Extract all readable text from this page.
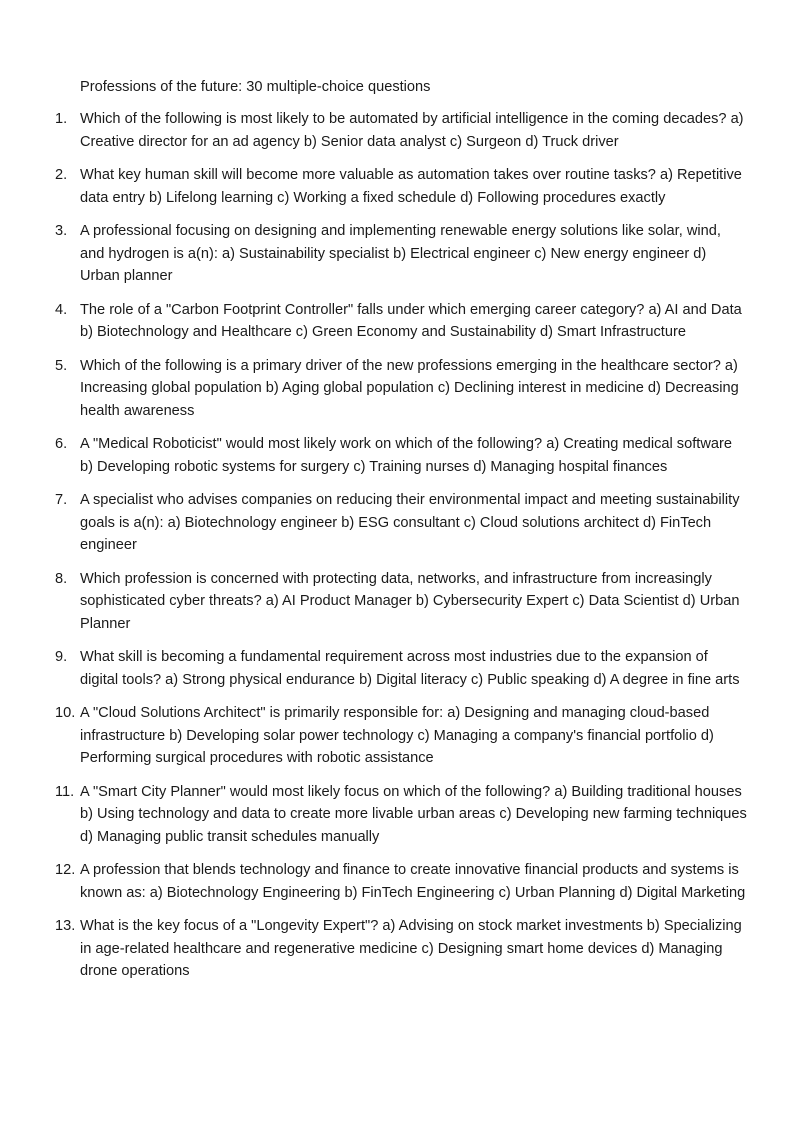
Professions of the future: 30 multiple-choice questions

1. Which of the following is most likely to be automated by artificial intelligence in the coming decades? a) Creative director for an ad agency b) Senior data analyst c) Surgeon d) Truck driver
2. What key human skill will become more valuable as automation takes over routine tasks? a) Repetitive data entry b) Lifelong learning c) Working a fixed schedule d) Following procedures exactly
3. A professional focusing on designing and implementing renewable energy solutions like solar, wind, and hydrogen is a(n): a) Sustainability specialist b) Electrical engineer c) New energy engineer d) Urban planner
4. The role of a "Carbon Footprint Controller" falls under which emerging career category? a) AI and Data b) Biotechnology and Healthcare c) Green Economy and Sustainability d) Smart Infrastructure
5. Which of the following is a primary driver of the new professions emerging in the healthcare sector? a) Increasing global population b) Aging global population c) Declining interest in medicine d) Decreasing health awareness
6. A "Medical Roboticist" would most likely work on which of the following? a) Creating medical software b) Developing robotic systems for surgery c) Training nurses d) Managing hospital finances
7. A specialist who advises companies on reducing their environmental impact and meeting sustainability goals is a(n): a) Biotechnology engineer b) ESG consultant c) Cloud solutions architect d) FinTech engineer
8. Which profession is concerned with protecting data, networks, and infrastructure from increasingly sophisticated cyber threats? a) AI Product Manager b) Cybersecurity Expert c) Data Scientist d) Urban Planner
9. What skill is becoming a fundamental requirement across most industries due to the expansion of digital tools? a) Strong physical endurance b) Digital literacy c) Public speaking d) A degree in fine arts
10. A "Cloud Solutions Architect" is primarily responsible for: a) Designing and managing cloud-based infrastructure b) Developing solar power technology c) Managing a company's financial portfolio d) Performing surgical procedures with robotic assistance
11. A "Smart City Planner" would most likely focus on which of the following? a) Building traditional houses b) Using technology and data to create more livable urban areas c) Developing new farming techniques d) Managing public transit schedules manually
12. A profession that blends technology and finance to create innovative financial products and systems is known as: a) Biotechnology Engineering b) FinTech Engineering c) Urban Planning d) Digital Marketing
13. What is the key focus of a "Longevity Expert"? a) Advising on stock market investments b) Specializing in age-related healthcare and regenerative medicine c) Designing smart home devices d) Managing drone operations
